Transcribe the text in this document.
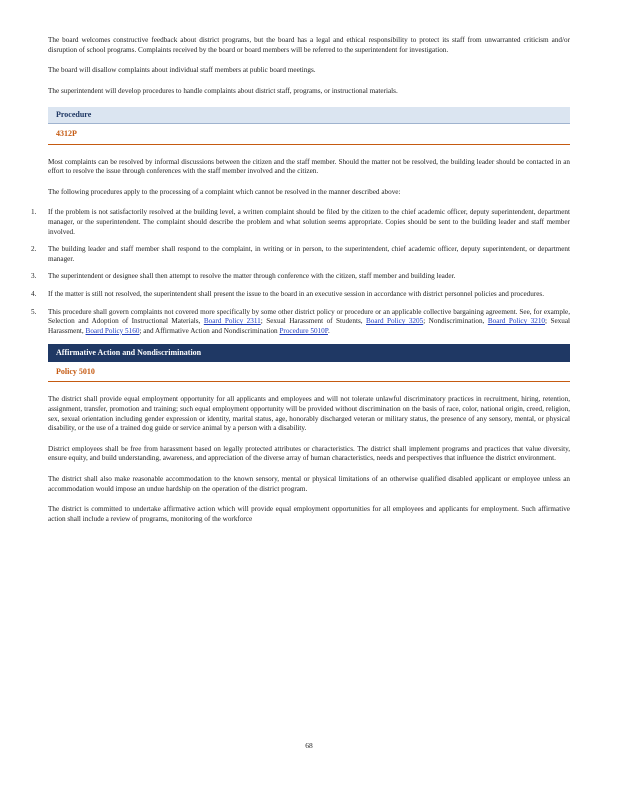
The board welcomes constructive feedback about district programs, but the board has a legal and ethical responsibility to protect its staff from unwarranted criticism and/or disruption of school programs. Complaints received by the board or board members will be referred to the superintendent for investigation.

The board will disallow complaints about individual staff members at public board meetings.

The superintendent will develop procedures to handle complaints about district staff, programs, or instructional materials.

Procedure
4312P

Most complaints can be resolved by informal discussions between the citizen and the staff member. Should the matter not be resolved, the building leader should be contacted in an effort to resolve the issue through conferences with the staff member involved and the citizen.

The following procedures apply to the processing of a complaint which cannot be resolved in the manner described above:

1. If the problem is not satisfactorily resolved at the building level, a written complaint should be filed by the citizen to the chief academic officer, deputy superintendent, department manager, or the superintendent. The complaint should describe the problem and what solution seems appropriate. Copies should be sent to the building leader and staff member involved.
2. The building leader and staff member shall respond to the complaint, in writing or in person, to the superintendent, chief academic officer, deputy superintendent, or department manager.
3. The superintendent or designee shall then attempt to resolve the matter through conference with the citizen, staff member and building leader.
4. If the matter is still not resolved, the superintendent shall present the issue to the board in an executive session in accordance with district personnel policies and procedures.
5. This procedure shall govern complaints not covered more specifically by some other district policy or procedure or an applicable collective bargaining agreement. See, for example, Selection and Adoption of Instructional Materials, Board Policy 2311; Sexual Harassment of Students, Board Policy 3205; Nondiscrimination, Board Policy 3210; Sexual Harassment, Board Policy 5160; and Affirmative Action and Nondiscrimination Procedure 5010P.
Affirmative Action and Nondiscrimination
Policy 5010

The district shall provide equal employment opportunity for all applicants and employees and will not tolerate unlawful discriminatory practices in recruitment, hiring, retention, assignment, transfer, promotion and training; such equal employment opportunity will be provided without discrimination on the basis of race, color, national origin, creed, religion, sex, sexual orientation including gender expression or identity, marital status, age, honorably discharged veteran or military status, the presence of any sensory, mental, or physical disability, or the use of a trained dog guide or service animal by a person with a disability.

District employees shall be free from harassment based on legally protected attributes or characteristics. The district shall implement programs and practices that value diversity, ensure equity, and build understanding, awareness, and appreciation of the diverse array of human characteristics, needs and perspectives that influence the district environment.

The district shall also make reasonable accommodation to the known sensory, mental or physical limitations of an otherwise qualified disabled applicant or employee unless an accommodation would impose an undue hardship on the operation of the district program.

The district is committed to undertake affirmative action which will provide equal employment opportunities for all employees and applicants for employment. Such affirmative action shall include a review of programs, monitoring of the workforce

68
